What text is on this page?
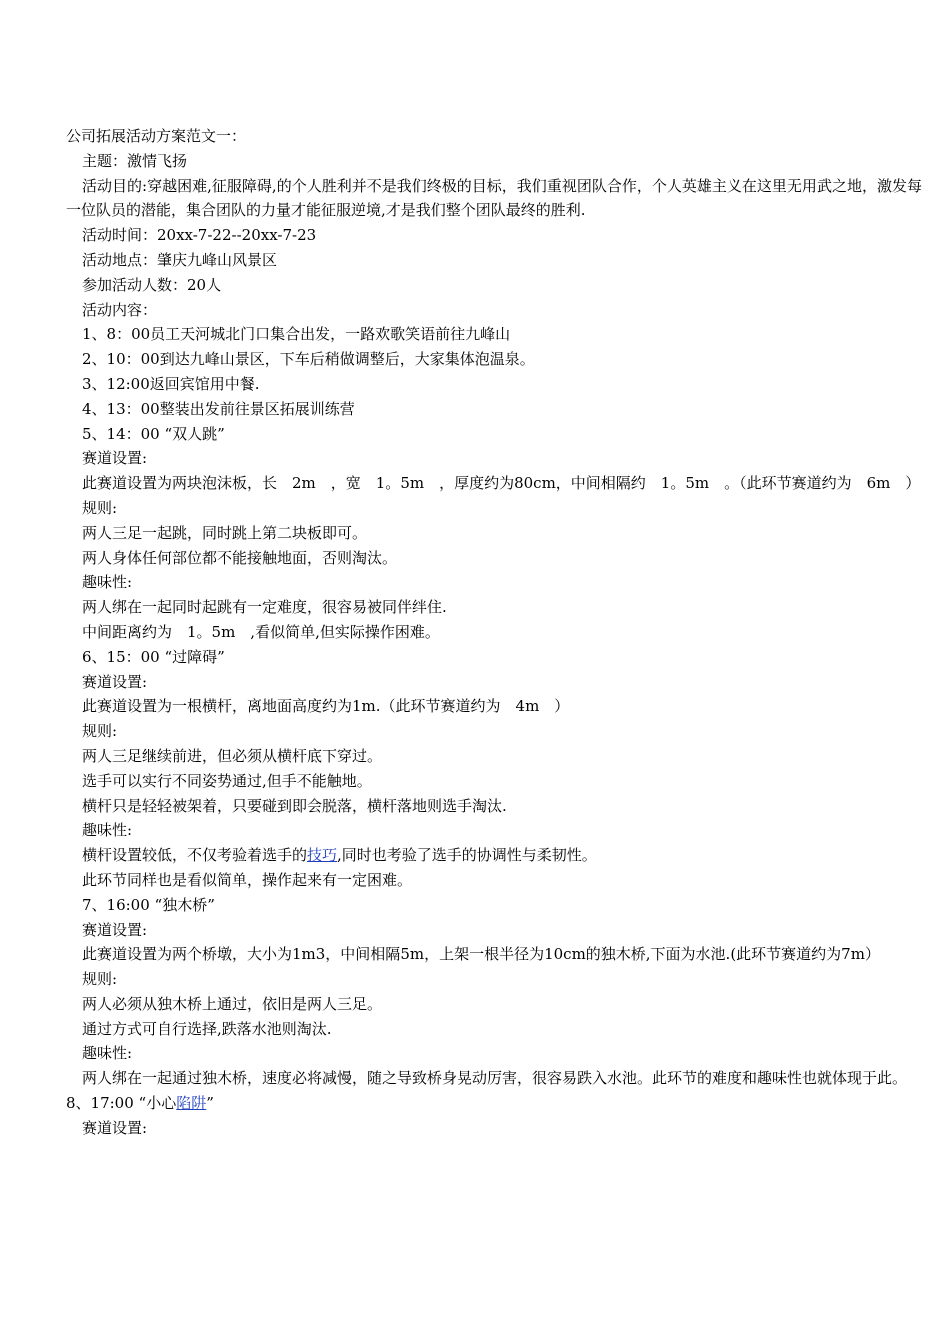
公司拓展活动方案范文一：
主题：激情飞扬
活动目的:穿越困难,征服障碍,的个人胜利并不是我们终极的目标，我们重视团队合作，个人英雄主义在这里无用武之地，激发每一位队员的潜能，集合团队的力量才能征服逆境,才是我们整个团队最终的胜利.
活动时间：20xx-7-22--20xx-7-23
活动地点：肇庆九峰山风景区
参加活动人数：20人
活动内容：
1、8：00员工天河城北门口集合出发，一路欢歌笑语前往九峰山
2、10：00到达九峰山景区，下车后稍做调整后，大家集体泡温泉。
3、12:00返回宾馆用中餐.
4、13：00整装出发前往景区拓展训练营
5、14：00 “双人跳”
赛道设置:
此赛道设置为两块泡沫板，长　2m　，宽　1。5m　，厚度约为80cm，中间相隔约　1。5m　。（此环节赛道约为　6m　）
规则:
两人三足一起跳，同时跳上第二块板即可。
两人身体任何部位都不能接触地面，否则淘汰。
趣味性:
两人绑在一起同时起跳有一定难度，很容易被同伴绊住.
中间距离约为　1。5m　,看似简单,但实际操作困难。
6、15：00 “过障碍”
赛道设置:
此赛道设置为一根横杆，离地面高度约为1m.（此环节赛道约为　4m　）
规则:
两人三足继续前进，但必须从横杆底下穿过。
选手可以实行不同姿势通过,但手不能触地。
横杆只是轻轻被架着，只要碰到即会脱落，横杆落地则选手淘汰.
趣味性:
横杆设置较低，不仅考验着选手的技巧,同时也考验了选手的协调性与柔韧性。
此环节同样也是看似简单，操作起来有一定困难。
7、16:00 “独木桥”
赛道设置:
此赛道设置为两个桥墩，大小为1m3，中间相隔5m，上架一根半径为10cm的独木桥,下面为水池.(此环节赛道约为7m）
规则:
两人必须从独木桥上通过，依旧是两人三足。
通过方式可自行选择,跌落水池则淘汰.
趣味性:
两人绑在一起通过独木桥，速度必将减慢，随之导致桥身晃动厉害，很容易跌入水池。此环节的难度和趣味性也就体现于此。
8、17:00 “小心陷阱”
赛道设置:
